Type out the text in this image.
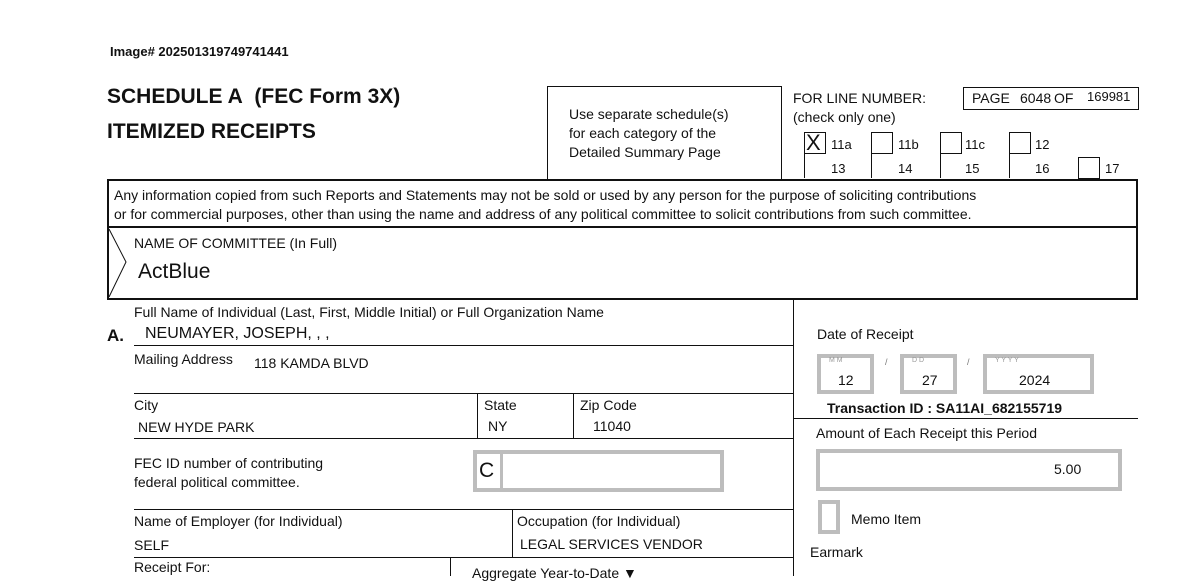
Image# 202501319749741441
SCHEDULE A (FEC Form 3X)
ITEMIZED RECEIPTS
Use separate schedule(s)
for each category of the
Detailed Summary Page
FOR LINE NUMBER:
(check only one)
PAGE 6048 OF 169981
X 11a	11b	11c	12
13	14	15	16	17
Any information copied from such Reports and Statements may not be sold or used by any person for the purpose of soliciting contributions
or for commercial purposes, other than using the name and address of any political committee to solicit contributions from such committee.
NAME OF COMMITTEE (In Full)
ActBlue
Full Name of Individual (Last, First, Middle Initial) or Full Organization Name
A. NEUMAYER, JOSEPH, , ,
Mailing Address 118 KAMDA BLVD
City
NEW HYDE PARK
State
NY
Zip Code
11040
FEC ID number of contributing
federal political committee.	C
Name of Employer (for Individual)
SELF
Occupation (for Individual)
LEGAL SERVICES VENDOR
Receipt For:	Aggregate Year-to-Date ▼
Date of Receipt
M M
12
/	D D
27
/	Y Y Y Y
2024
Transaction ID : SA11AI_682155719
Amount of Each Receipt this Period
5.00
Memo Item
Earmark
